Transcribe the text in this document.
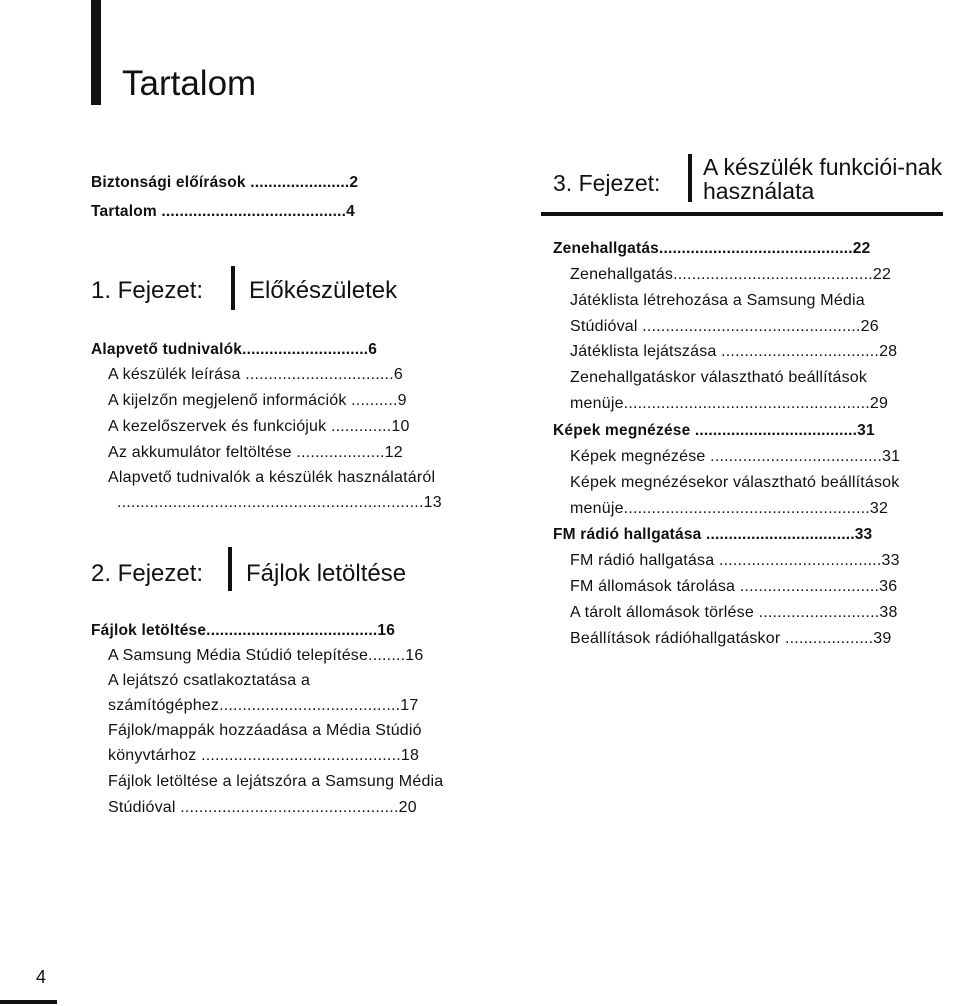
Tartalom
Biztonsági előírások ......................2
Tartalom .........................................4
1. Fejezet: Előkészületek
Alapvető tudnivalók............................6
A készülék leírása ................................6
A kijelzőn megjelenő információk ..........9
A kezelőszervek és funkciójuk .............10
Az akkumulátor feltöltése ...................12
Alapvető tudnivalók a készülék használatáról
..................................................................13
2. Fejezet: Fájlok letöltése
Fájlok letöltése......................................16
A Samsung Média Stúdió telepítése........16
A lejátszó csatlakoztatása a
számítógéphez.......................................17
Fájlok/mappák hozzáadása a Média Stúdió
könyvtárhoz ...........................................18
Fájlok letöltése a lejátszóra a Samsung Média
Stúdióval ...............................................20
3. Fejezet:
A készülék funkciói-nak használata
Zenehallgatás...........................................22
Zenehallgatás...........................................22
Játéklista létrehozása a Samsung Média
Stúdióval ...............................................26
Játéklista lejátszása ..................................28
Zenehallgatáskor választható beállítások
menüje.....................................................29
Képek megnézése ....................................31
Képek megnézése .....................................31
Képek megnézésekor választható beállítások
menüje.....................................................32
FM rádió hallgatása .................................33
FM rádió hallgatása ...................................33
FM állomások tárolása ..............................36
A tárolt állomások törlése ..........................38
Beállítások rádióhallgatáskor ...................39
4
